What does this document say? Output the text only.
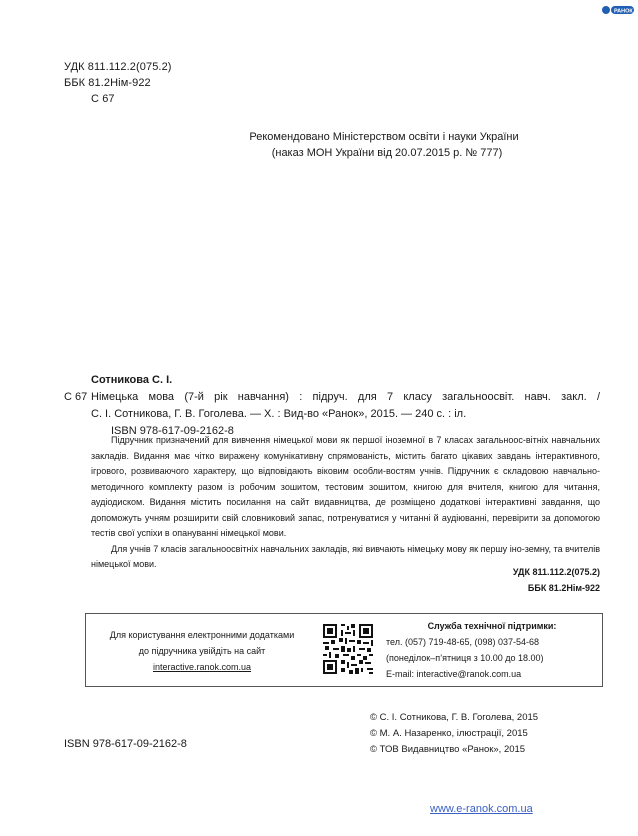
РАНОК
УДК 811.112.2(075.2)
ББК 81.2Нім-922
С 67
Рекомендовано Міністерством освіти і науки України
(наказ МОН України від 20.07.2015 р. № 777)
Сотникова С. І.
С 67 Німецька мова (7-й рік навчання) : підруч. для 7 класу загальноосвіт. навч. закл. /
С. І. Сотникова, Г. В. Гоголева. — Х. : Вид-во «Ранок», 2015. — 240 с. : іл.
ISBN 978-617-09-2162-8

Підручник призначений для вивчення німецької мови як першої іноземної в 7 класах загальноос-вітніх навчальних закладів. Видання має чітко виражену комунікативну спрямованість, містить багато цікавих завдань інтерактивного, ігрового, розвиваючого характеру, що відповідають віковим особли-востям учнів. Підручник є складовою навчально-методичного комплекту разом із робочим зошитом, тестовим зошитом, книгою для вчителя, книгою для читання, аудіодиском. Видання містить посилання на сайт видавництва, де розміщено додаткові інтерактивні завдання, що допоможуть учням розширити свій словниковий запас, потренуватися у читанні й аудіюванні, перевірити за допомогою тестів свої успіхи в опануванні німецької мови.

Для учнів 7 класів загальноосвітніх навчальних закладів, які вивчають німецьку мову як першу іно-земну, та вчителів німецької мови.

УДК 811.112.2(075.2)
ББК 81.2Нім-922
Для користування електронними додатками
до підручника увійдіть на сайт
interactive.ranok.com.ua
Служба технічної підтримки:
тел. (057) 719-48-65, (098) 037-54-68
(понеділок–п’ятниця з 10.00 до 18.00)
E-mail: interactive@ranok.com.ua
© С. І. Сотникова, Г. В. Гоголева, 2015
© М. А. Назаренко, ілюстрації, 2015
© ТОВ Видавництво «Ранок», 2015
ISBN 978-617-09-2162-8
www.e-ranok.com.ua
